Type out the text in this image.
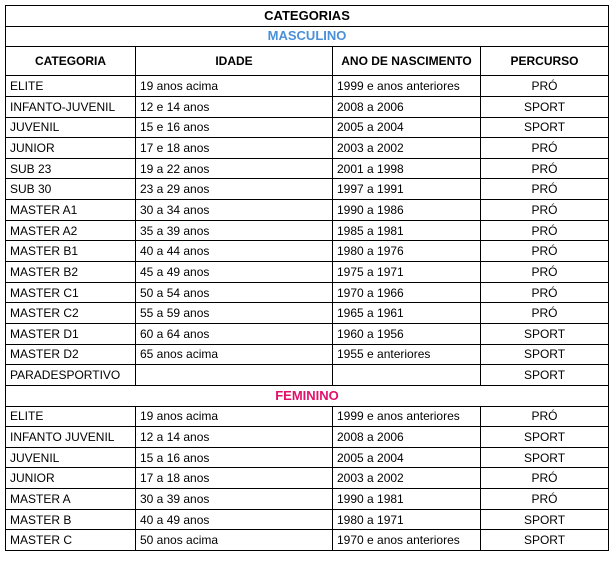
CATEGORIAS			
MASCULINO			
CATEGORIA	IDADE	ANO DE NASCIMENTO	PERCURSO
ELITE	19 anos acima	1999 e anos anteriores	PRÓ
INFANTO-JUVENIL	12 e 14 anos	2008 a 2006	SPORT
JUVENIL	15 e 16 anos	2005 a 2004	SPORT
JUNIOR	17 e 18 anos	2003 a 2002	PRÓ
SUB 23	19 a 22 anos	2001 a 1998	PRÓ
SUB 30	23 a 29 anos	1997 a 1991	PRÓ
MASTER A1	30 a 34 anos	1990 a 1986	PRÓ
MASTER A2	35 a 39 anos	1985 a 1981	PRÓ
MASTER B1	40 a 44 anos	1980 a 1976	PRÓ
MASTER B2	45 a 49 anos	1975 a 1971	PRÓ
MASTER C1	50 a 54 anos	1970 a 1966	PRÓ
MASTER C2	55 a 59 anos	1965 a 1961	PRÓ
MASTER D1	60 a 64 anos	1960 a 1956	SPORT
MASTER D2	65 anos acima	1955 e anteriores	SPORT
PARADESPORTIVO			SPORT
FEMININO			
ELITE	19 anos acima	1999 e anos anteriores	PRÓ
INFANTO JUVENIL	12 a 14 anos	2008 a 2006	SPORT
JUVENIL	15 a 16 anos	2005 a 2004	SPORT
JUNIOR	17 a 18 anos	2003 a 2002	PRÓ
MASTER A	30 a 39 anos	1990 a 1981	PRÓ
MASTER B	40 a 49 anos	1980 a 1971	SPORT
MASTER C	50 anos acima	1970 e anos anteriores	SPORT
